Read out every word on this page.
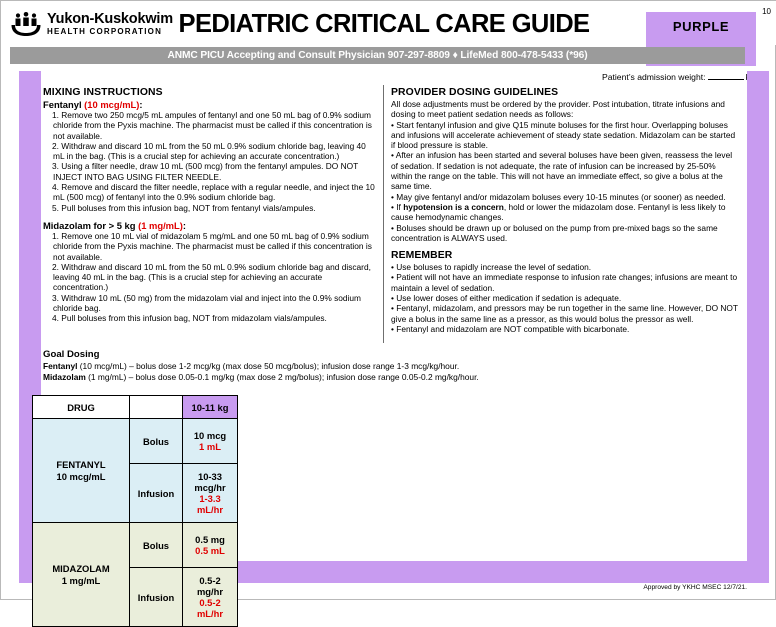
Yukon-Kuskokwim
HEALTH CORPORATION PEDIATRIC CRITICAL CARE GUIDE	PURPLE
10
ANMC PICU Accepting and Consult Physician 907-297-8809 ♦ LifeMed 800-478-5433 (*96)
Patient’s admission weight:
Approved by YKHC MSEC 12/7/21.
MIXING INSTRUCTIONS
Fentanyl (10 mcg/mL):
1. Remove two 250 mcg/5 mL ampules of fentanyl and one 50 mL bag of 0.9% sodium chloride from the Pyxis machine. The pharmacist must be called if this concentration is not available.
2. Withdraw and discard 10 mL from the 50 mL 0.9% sodium chloride bag, leaving 40 mL in the bag. (This is a crucial step for achieving an accurate concentration.)
3. Using a filter needle, draw 10 mL (500 mcg) from the fentanyl ampules. DO NOT INJECT INTO BAG USING FILTER NEEDLE.
4. Remove and discard the filter needle, replace with a regular needle, and inject the 10 mL (500 mcg) of fentanyl into the 0.9% sodium chloride bag.
5. Pull boluses from this infusion bag, NOT from fentanyl vials/ampules.
Midazolam for > 5 kg (1 mg/mL):
1. Remove one 10 mL vial of midazolam 5 mg/mL and one 50 mL bag of 0.9% sodium chloride from the Pyxis machine. The pharmacist must be called if this concentration is not available.
2. Withdraw and discard 10 mL from the 50 mL 0.9% sodium chloride bag and discard, leaving 40 mL in the bag. (This is a crucial step for achieving an accurate concentration.)
3. Withdraw 10 mL (50 mg) from the midazolam vial and inject into the 0.9% sodium chloride bag.
4. Pull boluses from this infusion bag, NOT from midazolam vials/ampules.
PROVIDER DOSING GUIDELINES
All dose adjustments must be ordered by the provider. Post intubation, titrate infusions and dosing to meet patient sedation needs as follows:
• Start fentanyl infusion and give Q15 minute boluses for the first hour. Overlapping boluses and infusions will accelerate achievement of steady state sedation. Midazolam can be started if blood pressure is stable.
• After an infusion has been started and several boluses have been given, reassess the level of sedation. If sedation is not adequate, the rate of infusion can be increased by 25-50% within the range on the table. This will not have an immediate effect, so give a bolus at the same time.
• May give fentanyl and/or midazolam boluses every 10-15 minutes (or sooner) as needed.
• If hypotension is a concern, hold or lower the midazolam dose. Fentanyl is less likely to cause hemodynamic changes.
• Boluses should be drawn up or bolused on the pump from pre-mixed bags so the same concentration is ALWAYS used.
REMEMBER
• Use boluses to rapidly increase the level of sedation.
• Patient will not have an immediate response to infusion rate changes; infusions are meant to maintain a level of sedation.
• Use lower doses of either medication if sedation is adequate.
• Fentanyl, midazolam, and pressors may be run together in the same line. However, DO NOT give a bolus in the same line as a pressor, as this would bolus the pressor as well.
• Fentanyl and midazolam are NOT compatible with bicarbonate.
Goal Dosing
Fentanyl (10 mcg/mL) – bolus dose 1-2 mcg/kg (max dose 50 mcg/bolus); infusion dose range 1-3 mcg/kg/hour.
Midazolam (1 mg/mL) – bolus dose 0.05-0.1 mg/kg (max dose 2 mg/bolus); infusion dose range 0.05-0.2 mg/kg/hour.
DRUG		10-11 kg

FENTANYL
10 mcg/mL
	Bolus	
10 mcg
1 mL

	Infusion	10-33
mcg/hr
1-3.3
mL/hr

MIDAZOLAM
1 mg/mL
	Bolus	
0.5 mg
0.5 mL

	Infusion	0.5-2
mg/hr
0.5-2
mL/hr
